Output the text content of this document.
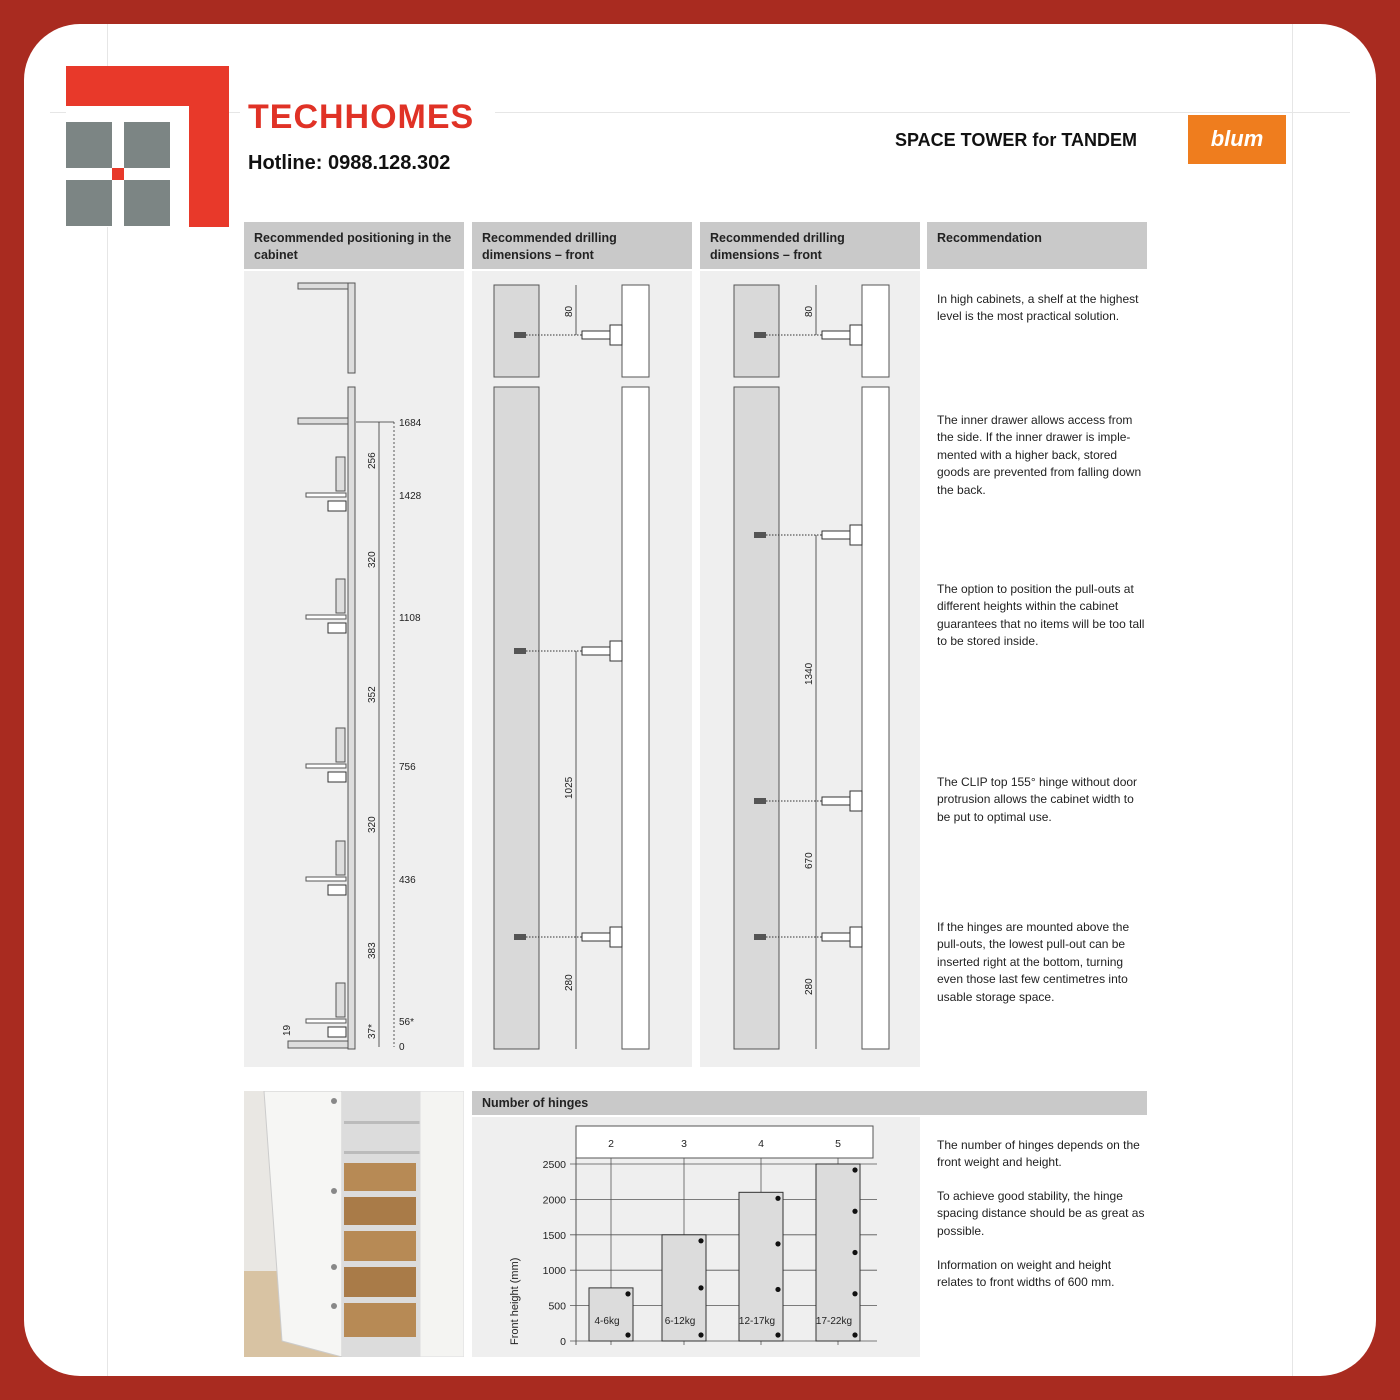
TECHHOMES
Hotline: 0988.128.302
SPACE TOWER for TANDEM	blum
Recommended positioning in the cabinet
Recommended drilling dimensions – front
Recommended drilling dimensions – front
Recommendation
1684
1428
1108
756
436
56*
0
256
320
352
320
383
37*
19
80
1025
280
80
1340
670
280
In high cabinets, a shelf at the highest level is the most practical solution.
The inner drawer allows access from the side. If the inner drawer is imple-mented with a higher back, stored goods are prevented from falling down the back.
The option to position the pull-outs at different heights within the cabinet guarantees that no items will be too tall to be stored inside.
The CLIP top 155° hinge without door protrusion allows the cabinet width to be put to optimal use.
If the hinges are mounted above the pull-outs, the lowest pull-out can be inserted right at the bottom, turning even those last few centimetres into usable storage space.
Number of hinges
2500
2000
1500
1000
500
0
2
4-6kg
3
6-12kg
4
12-17kg
5
17-22kg
Front height (mm)
The number of hinges depends on the front weight and height.
To achieve good stability, the hinge spacing distance should be as great as possible.
Information on weight and height relates to front widths of 600 mm.
